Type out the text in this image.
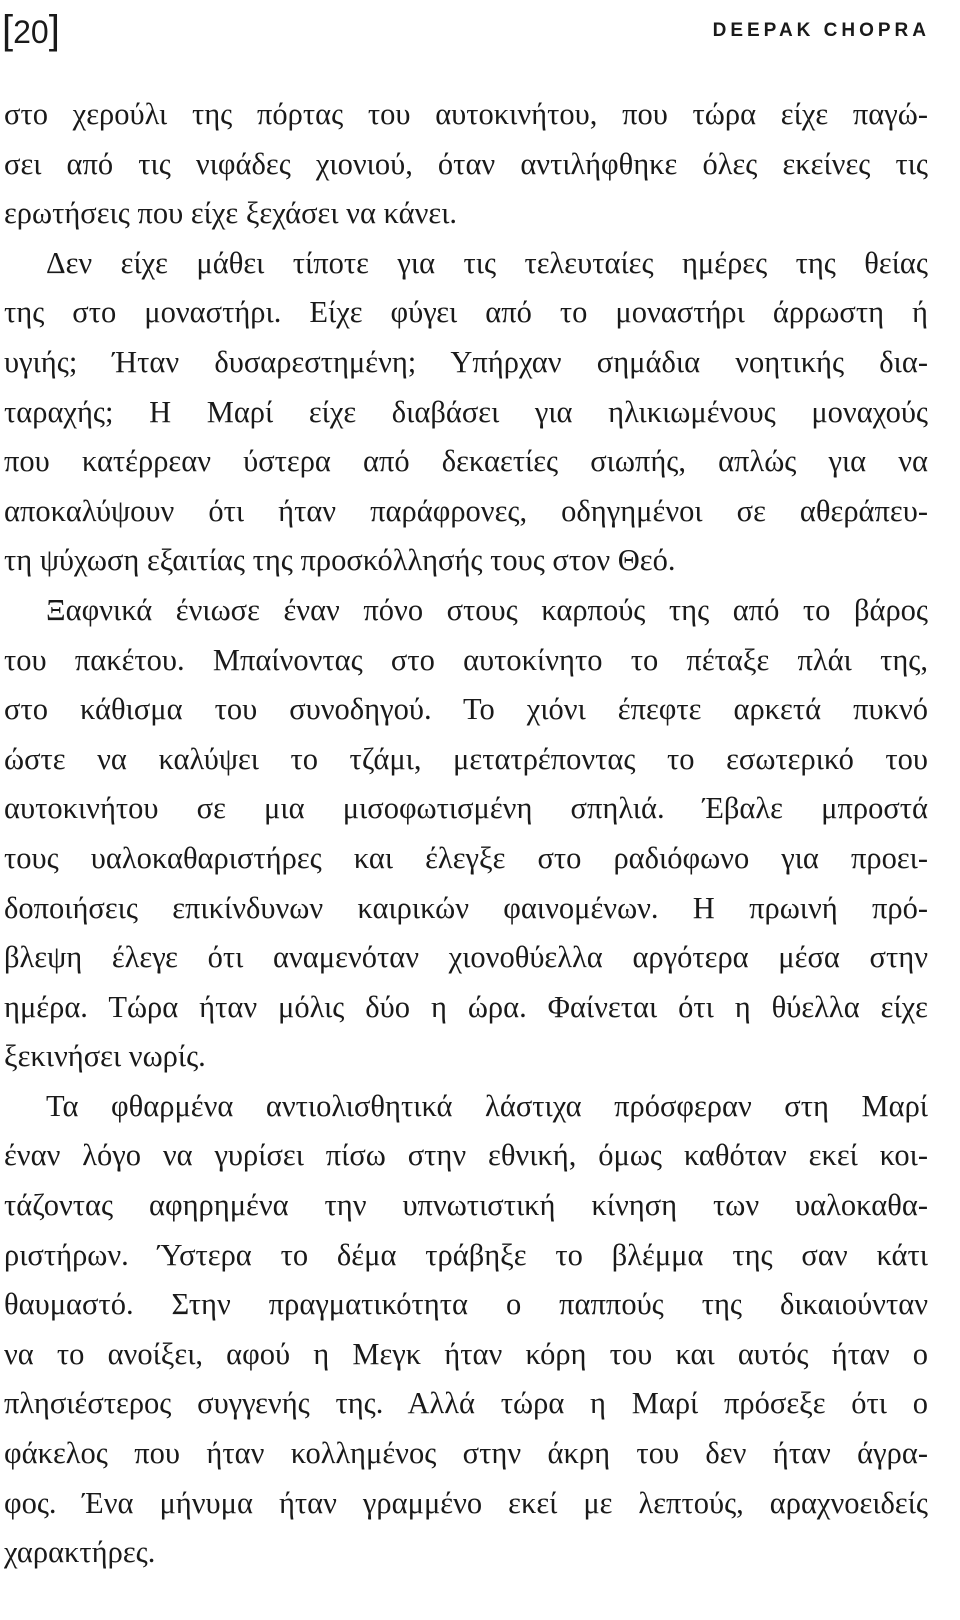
[20]	DEEPAK CHOPRA
στο χερούλι της πόρτας του αυτοκινήτου, που τώρα είχε παγώ-
σει από τις νιφάδες χιονιού, όταν αντιλήφθηκε όλες εκείνες τις
ερωτήσεις που είχε ξεχάσει να κάνει.
Δεν είχε μάθει τίποτε για τις τελευταίες ημέρες της θείας
της στο μοναστήρι. Είχε φύγει από το μοναστήρι άρρωστη ή
υγιής; Ήταν δυσαρεστημένη; Υπήρχαν σημάδια νοητικής δια-
ταραχής; Η Μαρί είχε διαβάσει για ηλικιωμένους μοναχούς
που κατέρρεαν ύστερα από δεκαετίες σιωπής, απλώς για να
αποκαλύψουν ότι ήταν παράφρονες, οδηγημένοι σε αθεράπευ-
τη ψύχωση εξαιτίας της προσκόλλησής τους στον Θεό.
Ξαφνικά ένιωσε έναν πόνο στους καρπούς της από το βάρος
του πακέτου. Μπαίνοντας στο αυτοκίνητο το πέταξε πλάι της,
στο κάθισμα του συνοδηγού. Το χιόνι έπεφτε αρκετά πυκνό
ώστε να καλύψει το τζάμι, μετατρέποντας το εσωτερικό του
αυτοκινήτου σε μια μισοφωτισμένη σπηλιά. Έβαλε μπροστά
τους υαλοκαθαριστήρες και έλεγξε στο ραδιόφωνο για προει-
δοποιήσεις επικίνδυνων καιρικών φαινομένων. Η πρωινή πρό-
βλεψη έλεγε ότι αναμενόταν χιονοθύελλα αργότερα μέσα στην
ημέρα. Τώρα ήταν μόλις δύο η ώρα. Φαίνεται ότι η θύελλα είχε
ξεκινήσει νωρίς.
Τα φθαρμένα αντιολισθητικά λάστιχα πρόσφεραν στη Μαρί
έναν λόγο να γυρίσει πίσω στην εθνική, όμως καθόταν εκεί κοι-
τάζοντας αφηρημένα την υπνωτιστική κίνηση των υαλοκαθα-
ριστήρων. Ύστερα το δέμα τράβηξε το βλέμμα της σαν κάτι
θαυμαστό. Στην πραγματικότητα ο παππούς της δικαιούνταν
να το ανοίξει, αφού η Μεγκ ήταν κόρη του και αυτός ήταν ο
πλησιέστερος συγγενής της. Αλλά τώρα η Μαρί πρόσεξε ότι ο
φάκελος που ήταν κολλημένος στην άκρη του δεν ήταν άγρα-
φος. Ένα μήνυμα ήταν γραμμένο εκεί με λεπτούς, αραχνοειδείς
χαρακτήρες.
